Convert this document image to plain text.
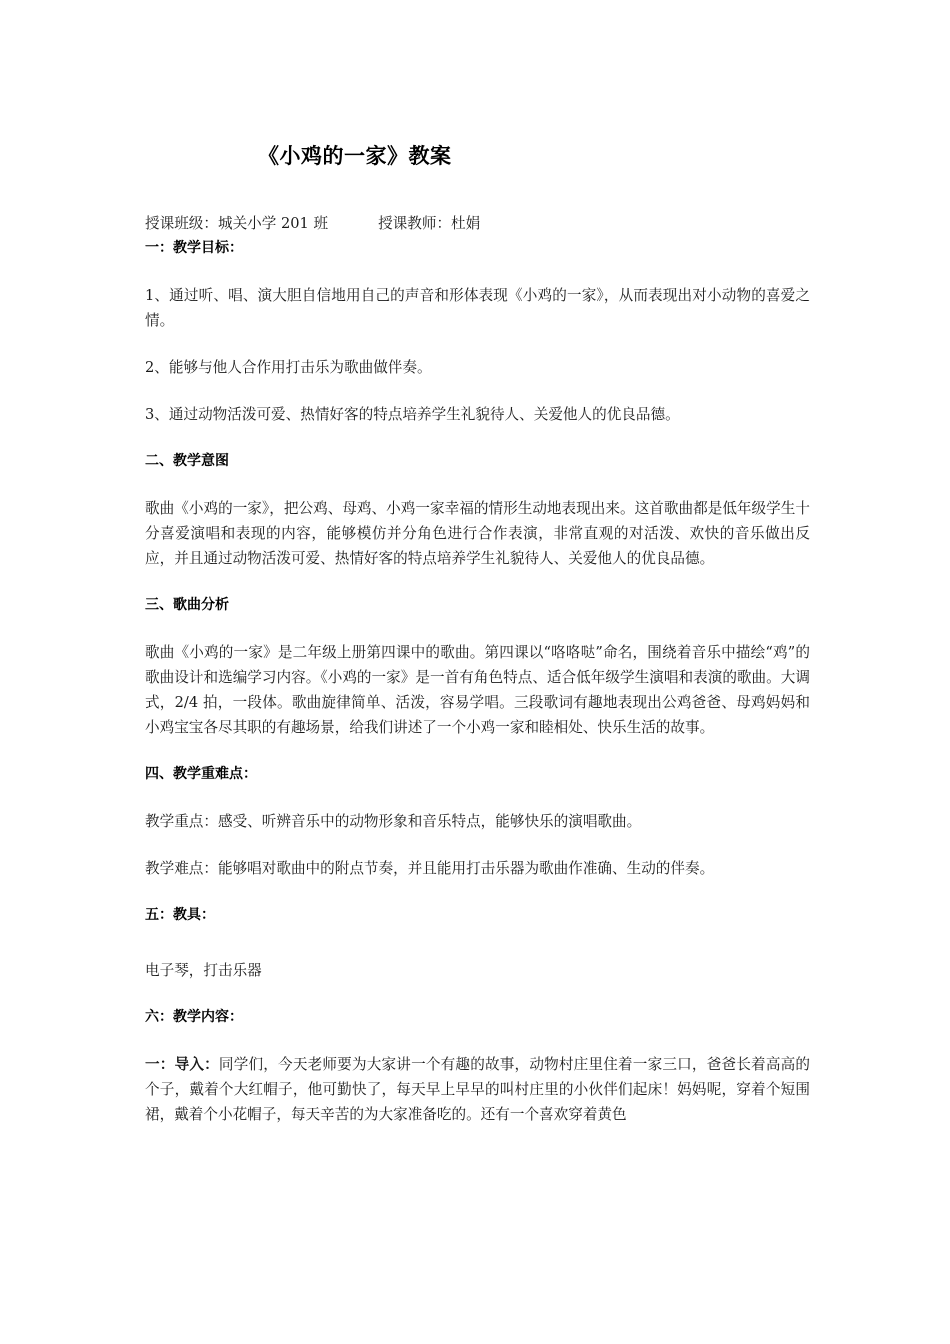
《小鸡的一家》教案

授课班级：城关小学 201 班	授课教师：杜娟

一：教学目标：

1、通过听、唱、演大胆自信地用自己的声音和形体表现《小鸡的一家》，从而表现出对小动物的喜爱之情。

2、能够与他人合作用打击乐为歌曲做伴奏。

3、通过动物活泼可爱、热情好客的特点培养学生礼貌待人、关爱他人的优良品德。

二、教学意图

歌曲《小鸡的一家》，把公鸡、母鸡、小鸡一家幸福的情形生动地表现出来。这首歌曲都是低年级学生十分喜爱演唱和表现的内容，能够模仿并分角色进行合作表演，非常直观的对活泼、欢快的音乐做出反应，并且通过动物活泼可爱、热情好客的特点培养学生礼貌待人、关爱他人的优良品德。

三、歌曲分析

歌曲《小鸡的一家》是二年级上册第四课中的歌曲。第四课以“咯咯哒”命名，围绕着音乐中描绘“鸡”的歌曲设计和选编学习内容。《小鸡的一家》是一首有角色特点、适合低年级学生演唱和表演的歌曲。大调式，2/4 拍，一段体。歌曲旋律简单、活泼，容易学唱。三段歌词有趣地表现出公鸡爸爸、母鸡妈妈和小鸡宝宝各尽其职的有趣场景，给我们讲述了一个小鸡一家和睦相处、快乐生活的故事。

四、教学重难点：

教学重点：感受、听辨音乐中的动物形象和音乐特点，能够快乐的演唱歌曲。

教学难点：能够唱对歌曲中的附点节奏，并且能用打击乐器为歌曲作准确、生动的伴奏。

五：教具：

电子琴，打击乐器

六：教学内容：

一：导入：同学们，今天老师要为大家讲一个有趣的故事，动物村庄里住着一家三口，爸爸长着高高的个子，戴着个大红帽子，他可勤快了，每天早上早早的叫村庄里的小伙伴们起床！妈妈呢，穿着个短围裙，戴着个小花帽子，每天辛苦的为大家准备吃的。还有一个喜欢穿着黄色
